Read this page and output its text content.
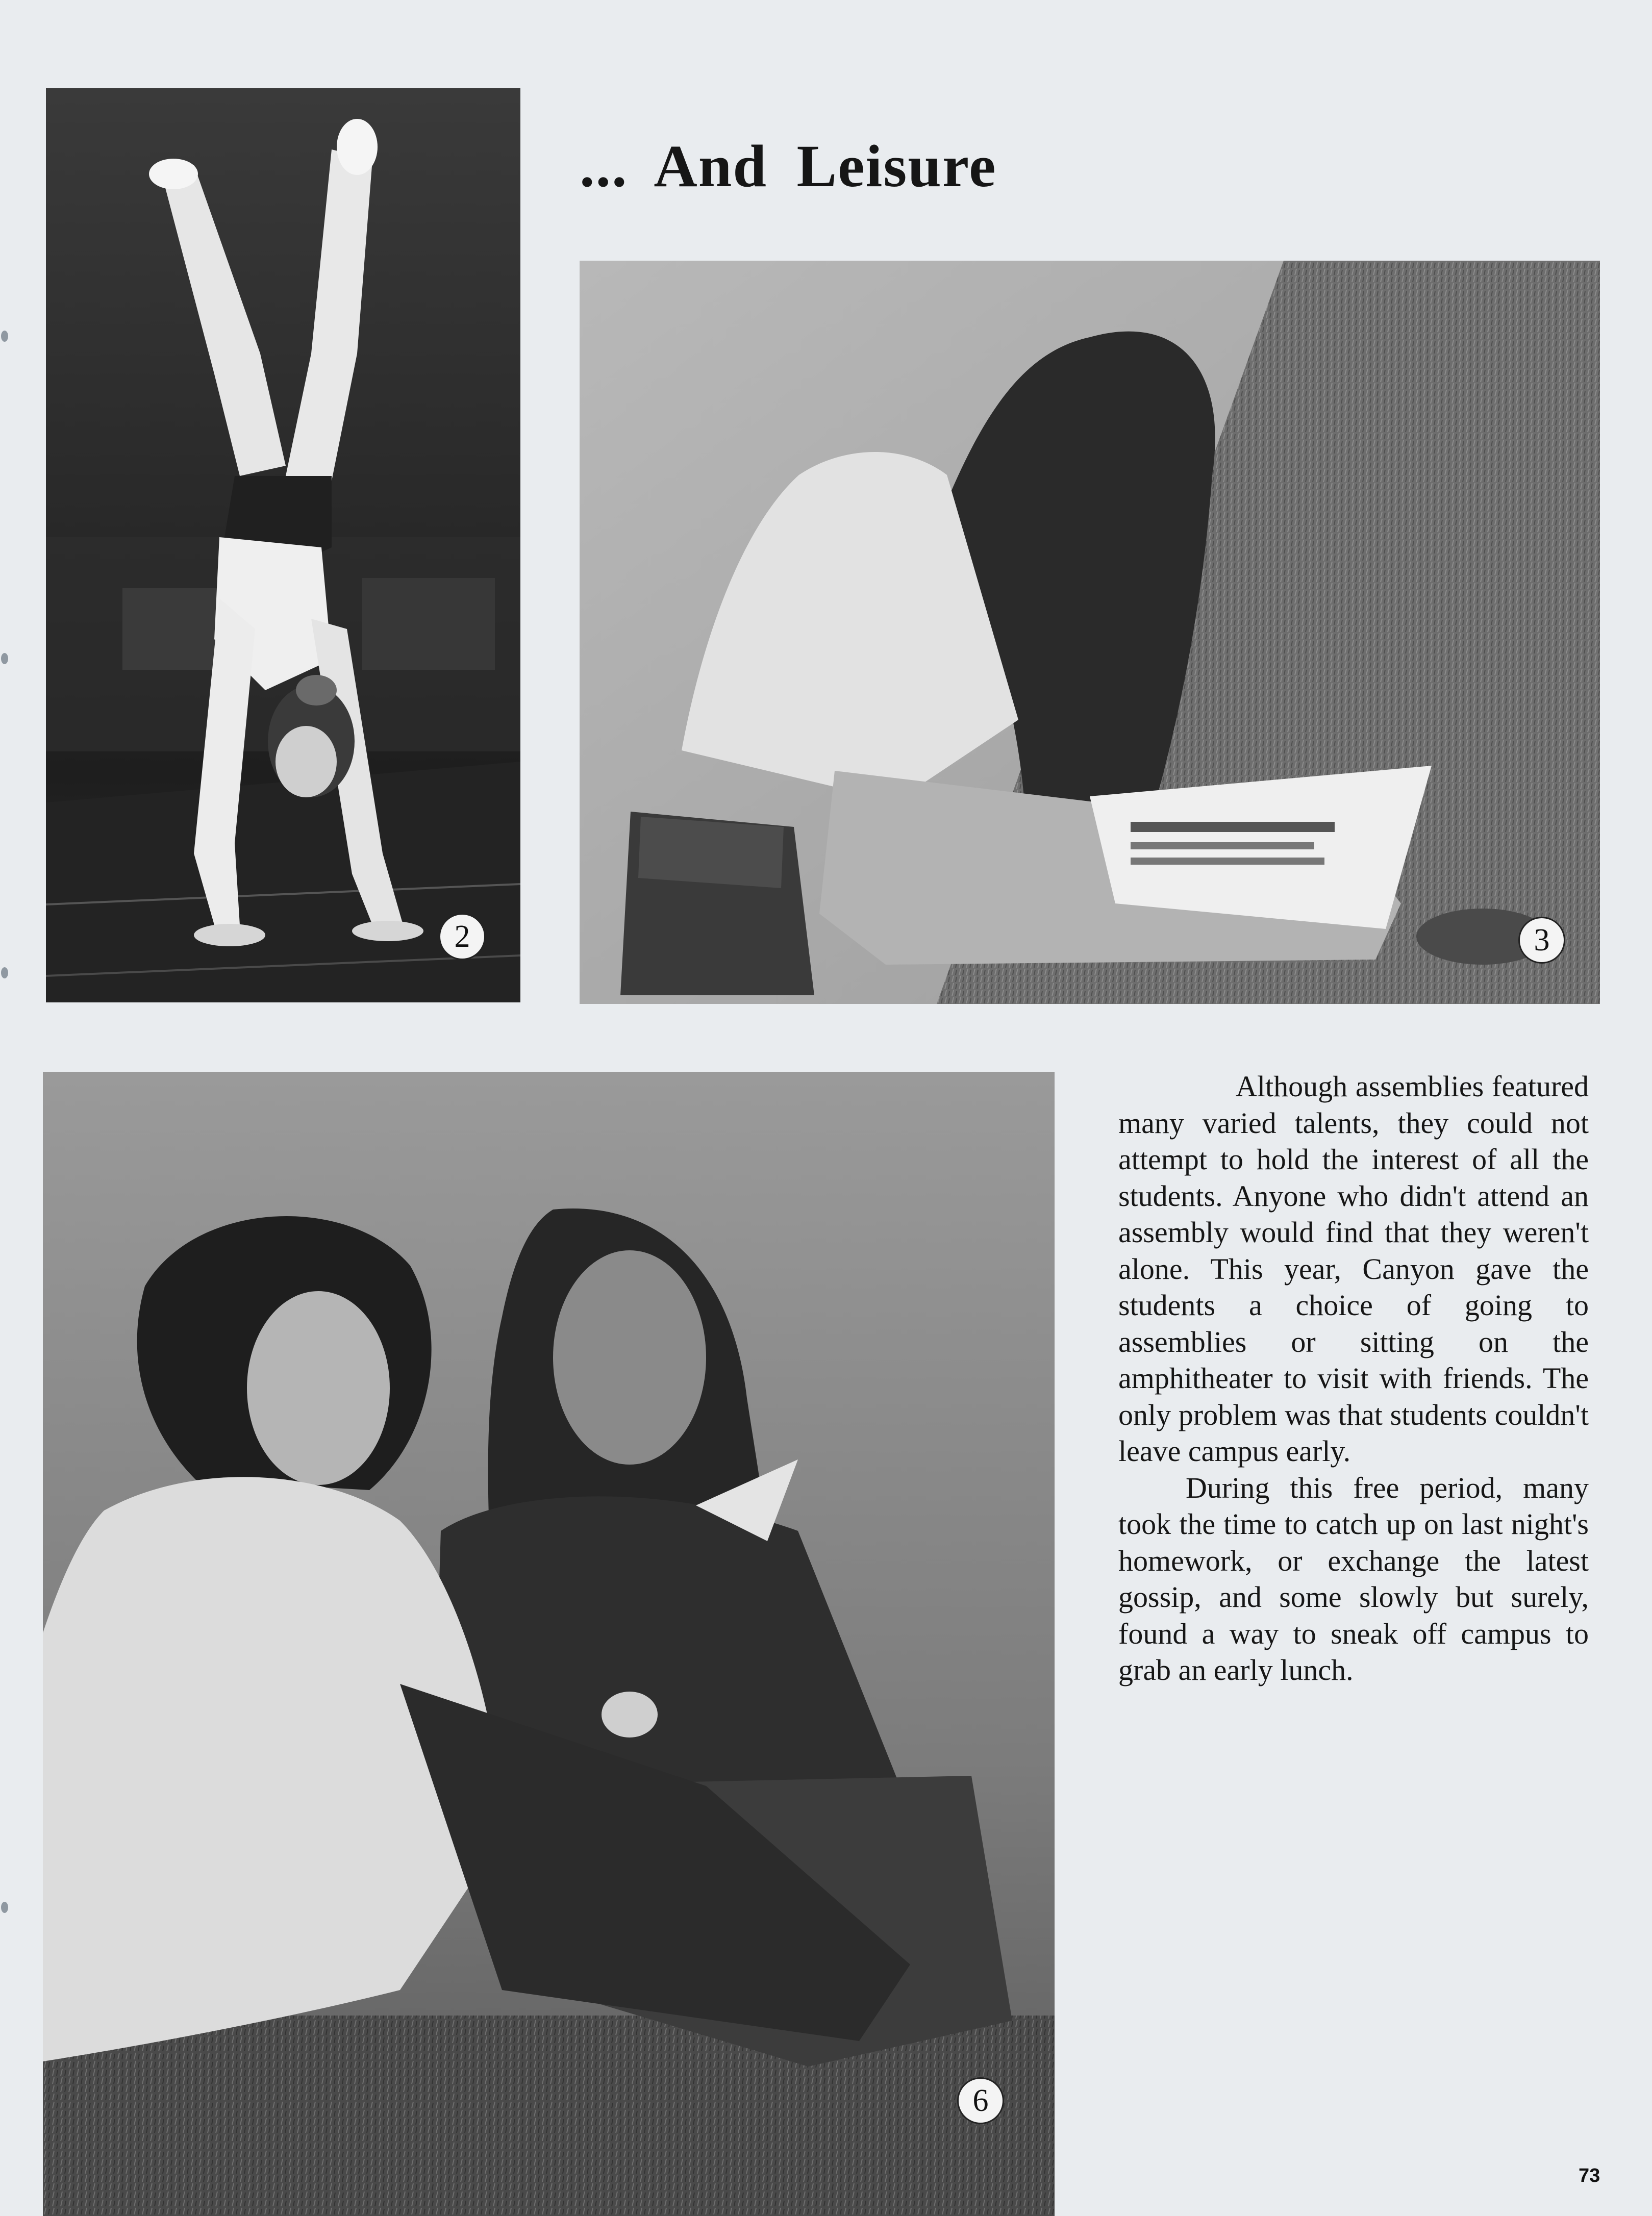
2
... And Leisure
3
6

Although assemblies featured many varied talents, they could not attempt to hold the interest of all the students. Anyone who didn't attend an assembly would find that they weren't alone. This year, Canyon gave the students a choice of going to assemblies or sitting on the amphitheater to visit with friends. The only problem was that students couldn't leave campus early.

During this free period, many took the time to catch up on last night's homework, or exchange the latest gossip, and some slowly but surely, found a way to sneak off campus to grab an early lunch.

73
